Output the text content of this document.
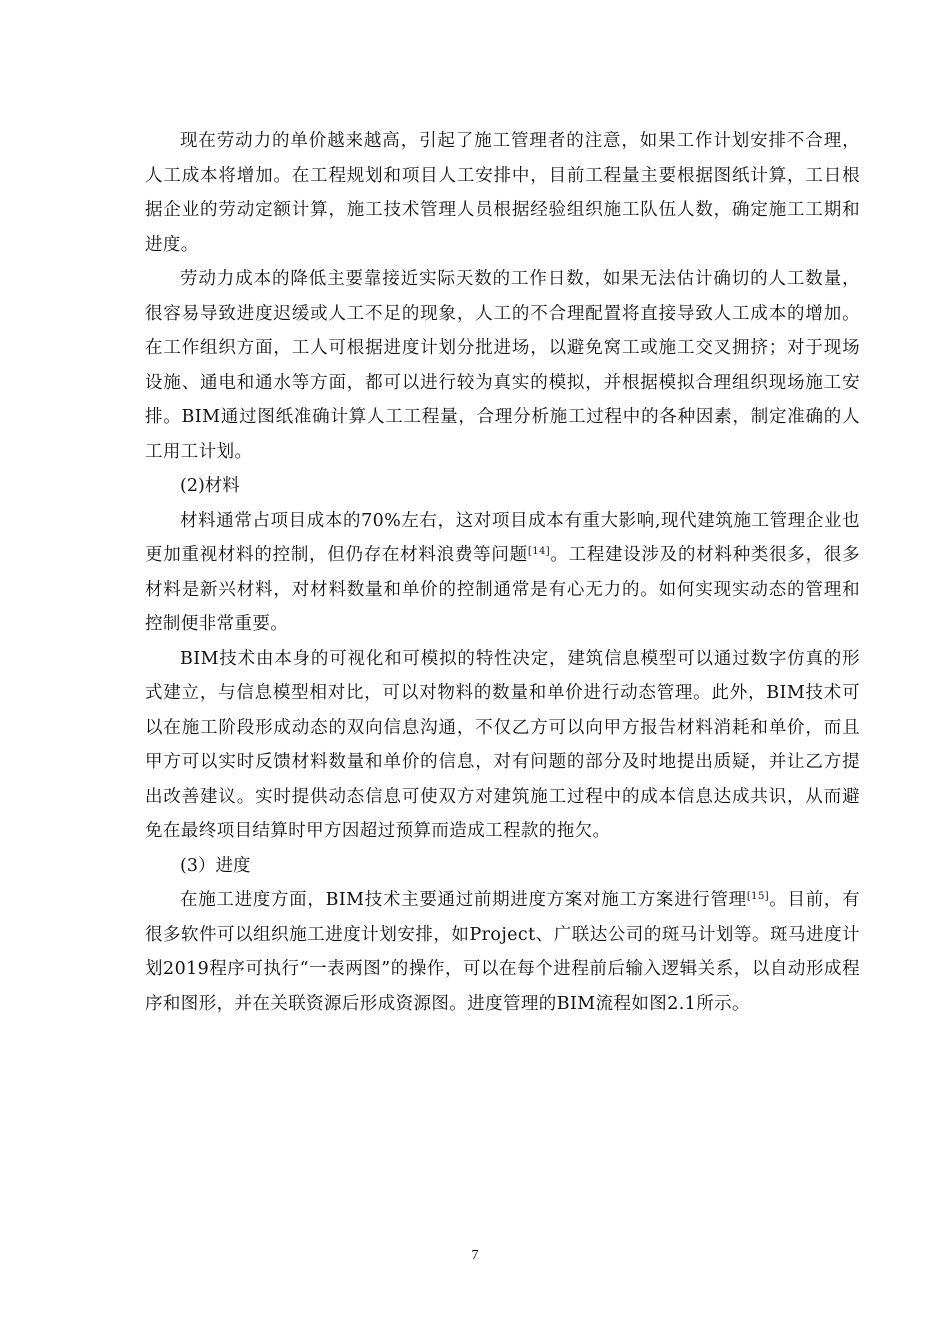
现在劳动力的单价越来越高，引起了施工管理者的注意，如果工作计划安排不合理，人工成本将增加。在工程规划和项目人工安排中，目前工程量主要根据图纸计算，工日根据企业的劳动定额计算，施工技术管理人员根据经验组织施工队伍人数，确定施工工期和进度。

劳动力成本的降低主要靠接近实际天数的工作日数，如果无法估计确切的人工数量，很容易导致进度迟缓或人工不足的现象，人工的不合理配置将直接导致人工成本的增加。在工作组织方面，工人可根据进度计划分批进场，以避免窝工或施工交叉拥挤；对于现场设施、通电和通水等方面，都可以进行较为真实的模拟，并根据模拟合理组织现场施工安排。BIM通过图纸准确计算人工工程量，合理分析施工过程中的各种因素，制定准确的人工用工计划。

(2)材料

材料通常占项目成本的70%左右，这对项目成本有重大影响,现代建筑施工管理企业也更加重视材料的控制，但仍存在材料浪费等问题[14]。工程建设涉及的材料种类很多，很多材料是新兴材料，对材料数量和单价的控制通常是有心无力的。如何实现实动态的管理和控制便非常重要。

BIM技术由本身的可视化和可模拟的特性决定，建筑信息模型可以通过数字仿真的形式建立，与信息模型相对比，可以对物料的数量和单价进行动态管理。此外，BIM技术可以在施工阶段形成动态的双向信息沟通，不仅乙方可以向甲方报告材料消耗和单价，而且甲方可以实时反馈材料数量和单价的信息，对有问题的部分及时地提出质疑，并让乙方提出改善建议。实时提供动态信息可使双方对建筑施工过程中的成本信息达成共识，从而避免在最终项目结算时甲方因超过预算而造成工程款的拖欠。

(3）进度

在施工进度方面，BIM技术主要通过前期进度方案对施工方案进行管理[15]。目前，有很多软件可以组织施工进度计划安排，如Project、广联达公司的斑马计划等。斑马进度计划2019程序可执行“一表两图”的操作，可以在每个进程前后输入逻辑关系，以自动形成程序和图形，并在关联资源后形成资源图。进度管理的BIM流程如图2.1所示。

7
